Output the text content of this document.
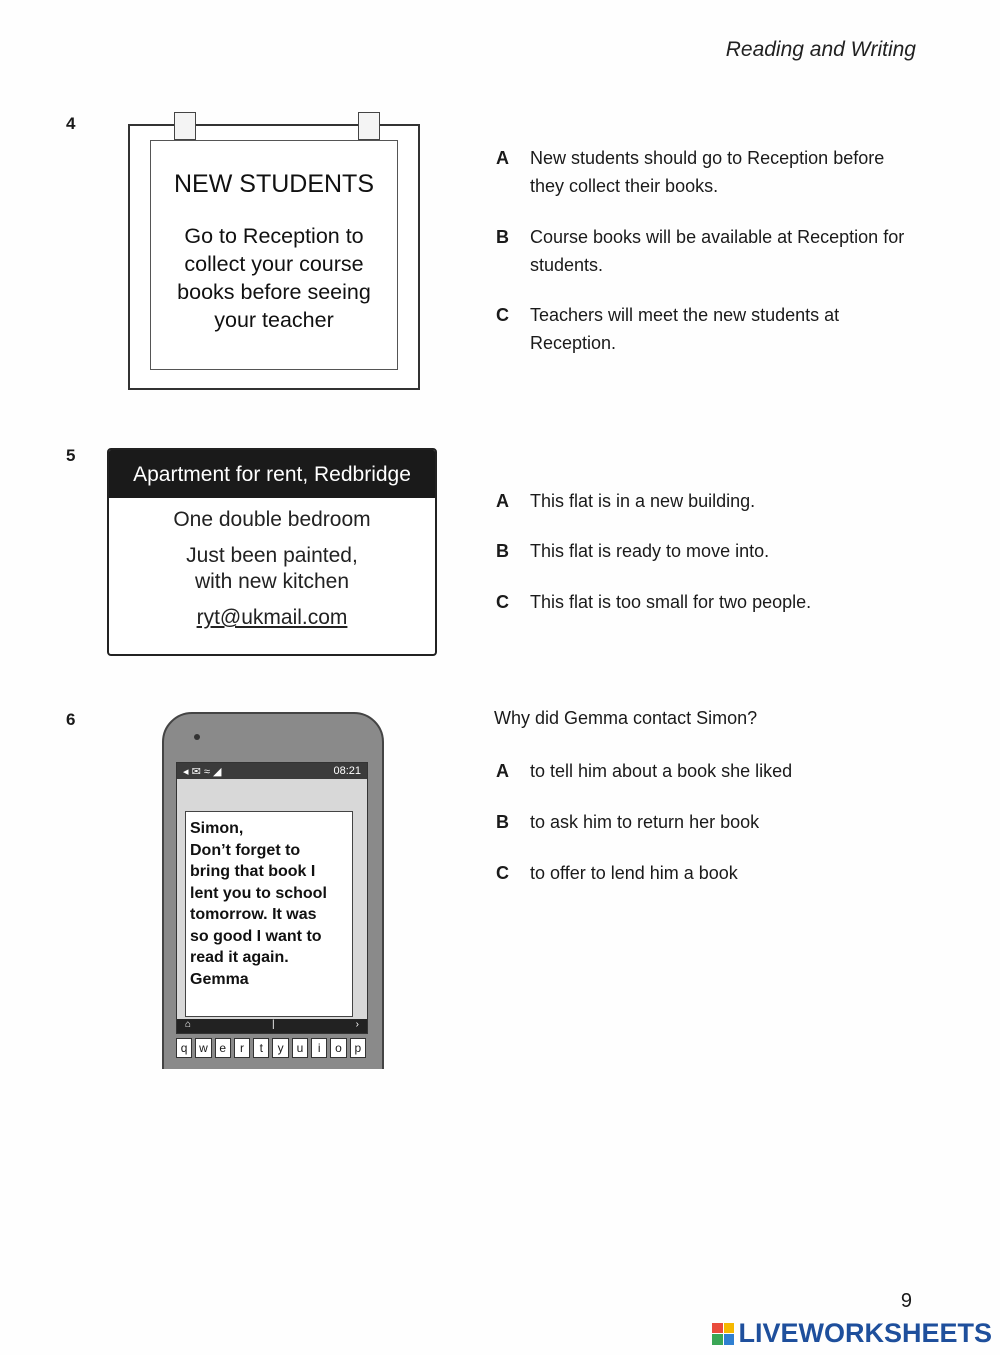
Reading and Writing
4
NEW STUDENTS
Go to Reception to
collect your course
books before seeing
your teacher
A	New students should go to Reception before they collect their books.
B	Course books will be available at Reception for students.
C	Teachers will meet the new students at Reception.
5
Apartment for rent, Redbridge
One double bedroom
Just been painted,
with new kitchen
ryt@ukmail.com
A	This flat is in a new building.
B	This flat is ready to move into.
C	This flat is too small for two people.
6
◂ ✉ ≈ ◢	08:21
Simon,
Don’t forget to
bring that book I
lent you to school
tomorrow. It was
so good I want to
read it again.
Gemma
⌂	|	›
q w e	r	t	y	u	i	o	p
Why did Gemma contact Simon?
A	to tell him about a book she liked
B	to ask him to return her book
C	to offer to lend him a book
9
LIVEWORKSHEETS
